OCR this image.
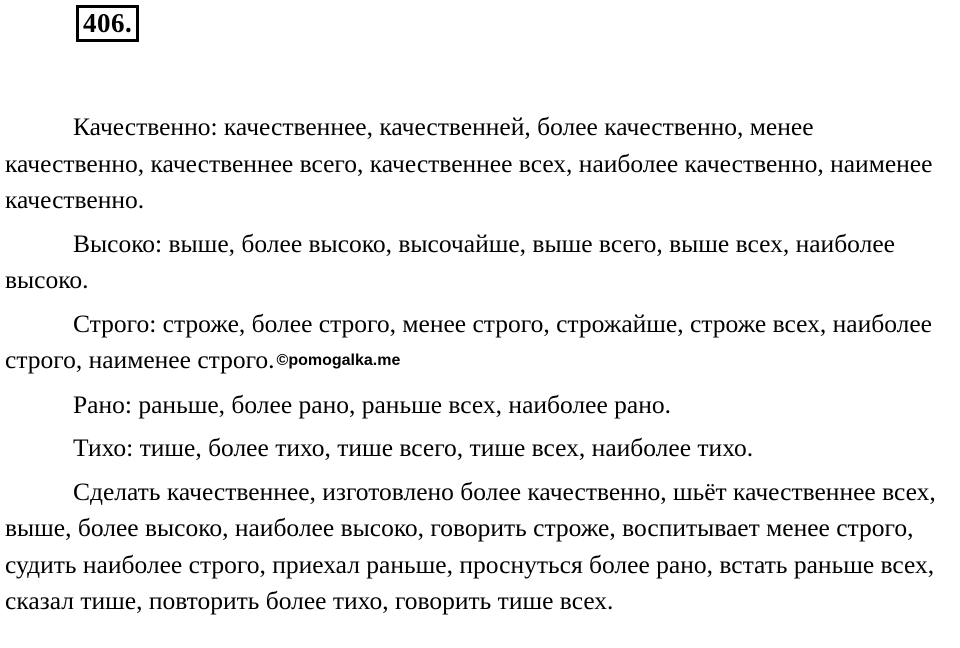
406.

Качественно: качественнее, качественней, более качественно, менее качественно, качественнее всего, качественнее всех, наиболее качественно, наименее качественно.

Высоко: выше, более высоко, высочайше, выше всего, выше всех, наиболее высоко.

Строго: строже, более строго, менее строго, строжайше, строже всех, наиболее строго, наименее строго. ©pomogalka.me

Рано: раньше, более рано, раньше всех, наиболее рано.

Тихо: тише, более тихо, тише всего, тише всех, наиболее тихо.

Сделать качественнее, изготовлено более качественно, шьёт качественнее всех, выше, более высоко, наиболее высоко, говорить строже, воспитывает менее строго, судить наиболее строго, приехал раньше, проснуться более рано, встать раньше всех, сказал тише, повторить более тихо, говорить тише всех.
